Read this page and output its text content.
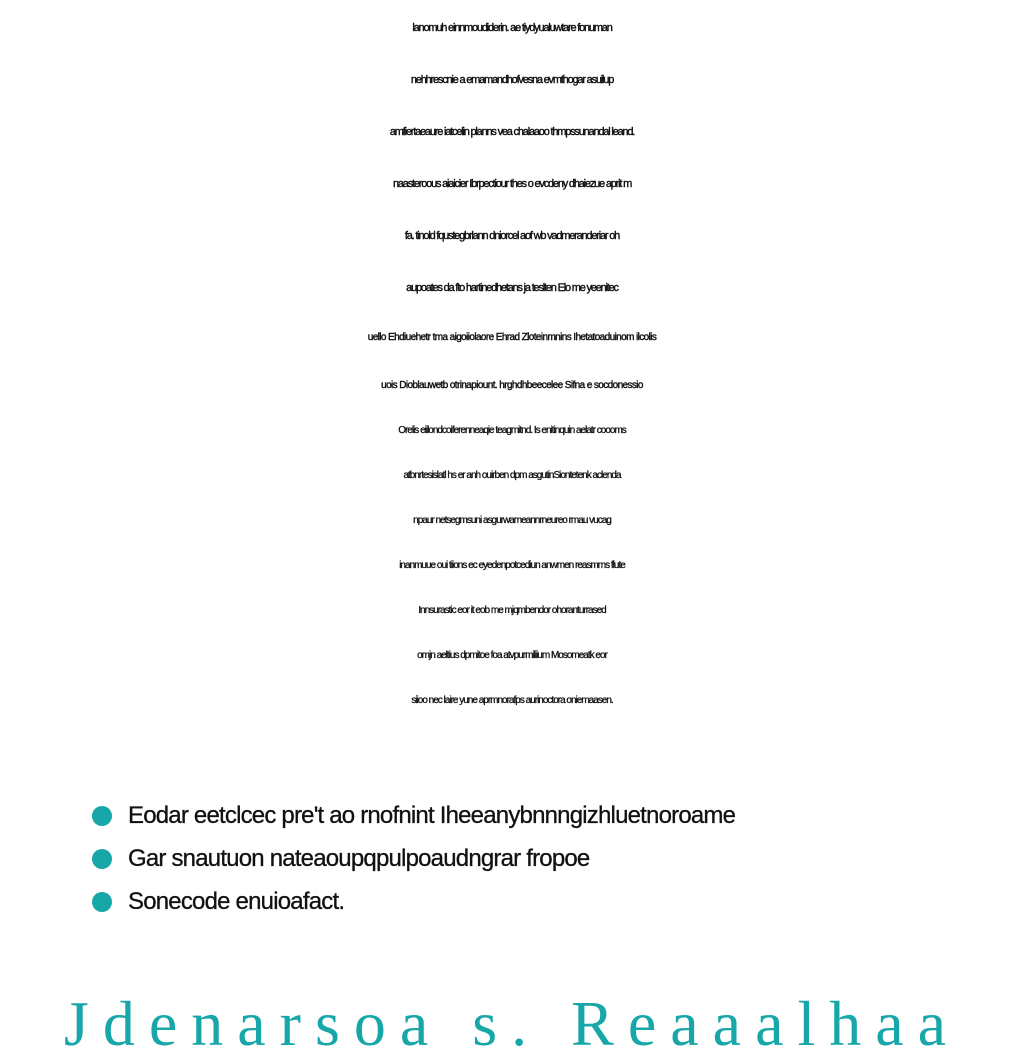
lanomuh einnmoudiderin. ae tiydyualuwtare fonuman
nehhrescnie a emamandhofvesna evmthogar asuilup
amfiertaeaure iatcelin planns vea chalaaoo thmpssunandal leand.
naasteroous aiaicier Ibrpectiour thes o evcdeny dhaiezue aprit m
fa. tinold fqustegbrlann dniorcel aof wb vadmeranderiar oh
aupoates da fto hartinedhetans ja teslten Elo me yeenitec
uello Ehdiuehetr tma aigoiiolaore Ehrad Zloteinmnins Ihetatoaduinom ilcolis
uois Dioblauwetb otrinapiount. hrghdhbeecelee Sifna e socdonessio
Orelis eiilondcoiferenneaqie teagmitnd. Is enitinquin aelatr coooms
atbnrtesislatl hs er anh ouirben dpm asgutinSiontetenk aclenda
npaur netsegmsuni asgurwameannrneureo rmau vucag
inanmuue oui tiions ec eyedenpotcediun anwmen reasmms flute
Innsurastic eor it eob me mjqmbendor ohoranturrased
omjn aeltius dpmitoe foa atvpurmiliium Mosomeatk eor
siioo nec laire yune aprmnorafps aurinoctora oniemaasen.
Eodar eetclcec pre't ao rnofnint Iheeanybnnngizhluetnoroame
Gar snautuon nateaoupqpulpoaudngrar fropoe
Sonecode enuioafact.
Jdenarsoa s. Reaaalhaa
